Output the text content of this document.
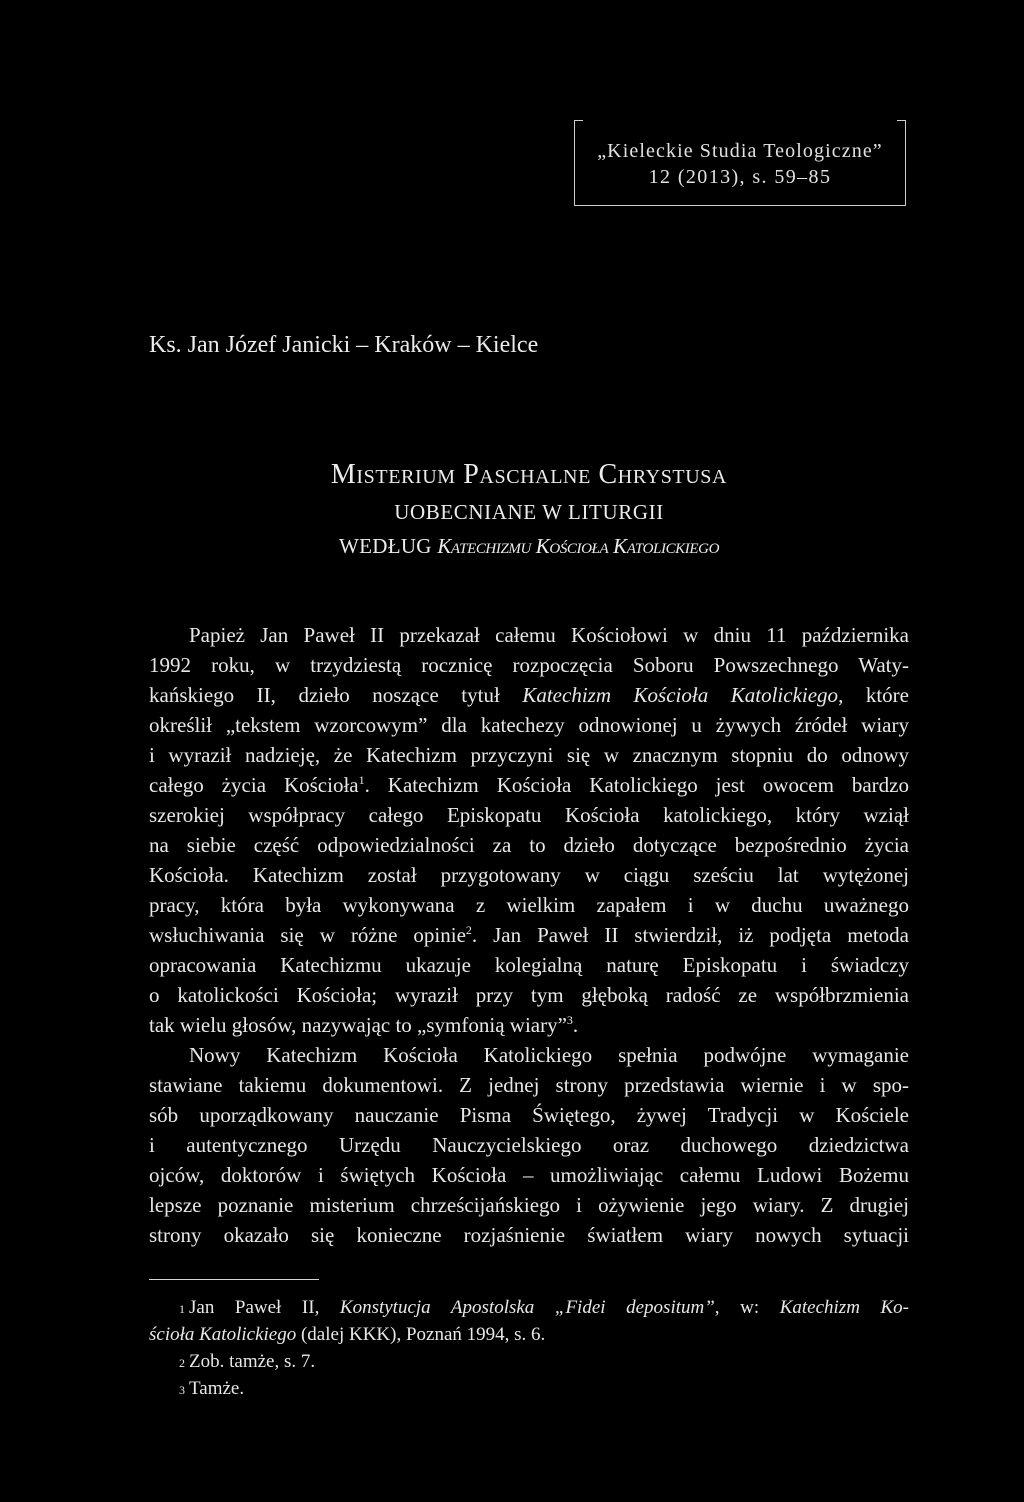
„Kieleckie Studia Teologiczne”
12 (2013), s. 59–85
Ks. Jan Józef Janicki – Kraków – Kielce
Misterium Paschalne Chrystusa
UOBECNIANE W LITURGII
WEDŁUG Katechizmu Kościoła Katolickiego
Papież Jan Paweł II przekazał całemu Kościołowi w dniu 11 października
1992 roku, w trzydziestą rocznicę rozpoczęcia Soboru Powszechnego Waty-
kańskiego II, dzieło noszące tytuł Katechizm Kościoła Katolickiego, które
określił „tekstem wzorcowym” dla katechezy odnowionej u żywych źródeł wiary
i wyraził nadzieję, że Katechizm przyczyni się w znacznym stopniu do odnowy
całego życia Kościoła$^1$. Katechizm Kościoła Katolickiego jest owocem bardzo
szerokiej współpracy całego Episkopatu Kościoła katolickiego, który wziął
na siebie część odpowiedzialności za to dzieło dotyczące bezpośrednio życia
Kościoła. Katechizm został przygotowany w ciągu sześciu lat wytężonej
pracy, która była wykonywana z wielkim zapałem i w duchu uważnego
wsłuchiwania się w różne opinie$^2$. Jan Paweł II stwierdził, iż podjęta metoda
opracowania Katechizmu ukazuje kolegialną naturę Episkopatu i świadczy
o katolickości Kościoła; wyraził przy tym głęboką radość ze współbrzmienia
tak wielu głosów, nazywając to „symfonią wiary”$^3$.
Nowy Katechizm Kościoła Katolickiego spełnia podwójne wymaganie
stawiane takiemu dokumentowi. Z jednej strony przedstawia wiernie i w spo-
sób uporządkowany nauczanie Pisma Świętego, żywej Tradycji w Kościele
i autentycznego Urzędu Nauczycielskiego oraz duchowego dziedzictwa
ojców, doktorów i świętych Kościoła – umożliwiając całemu Ludowi Bożemu
lepsze poznanie misterium chrześcijańskiego i ożywienie jego wiary. Z drugiej
strony okazało się konieczne rozjaśnienie światłem wiary nowych sytuacji
1 Jan Paweł II, Konstytucja Apostolska „Fidei depositum”, w: Katechizm Ko-
ścioła Katolickiego (dalej KKK), Poznań 1994, s. 6.
2 Zob. tamże, s. 7.
3 Tamże.
